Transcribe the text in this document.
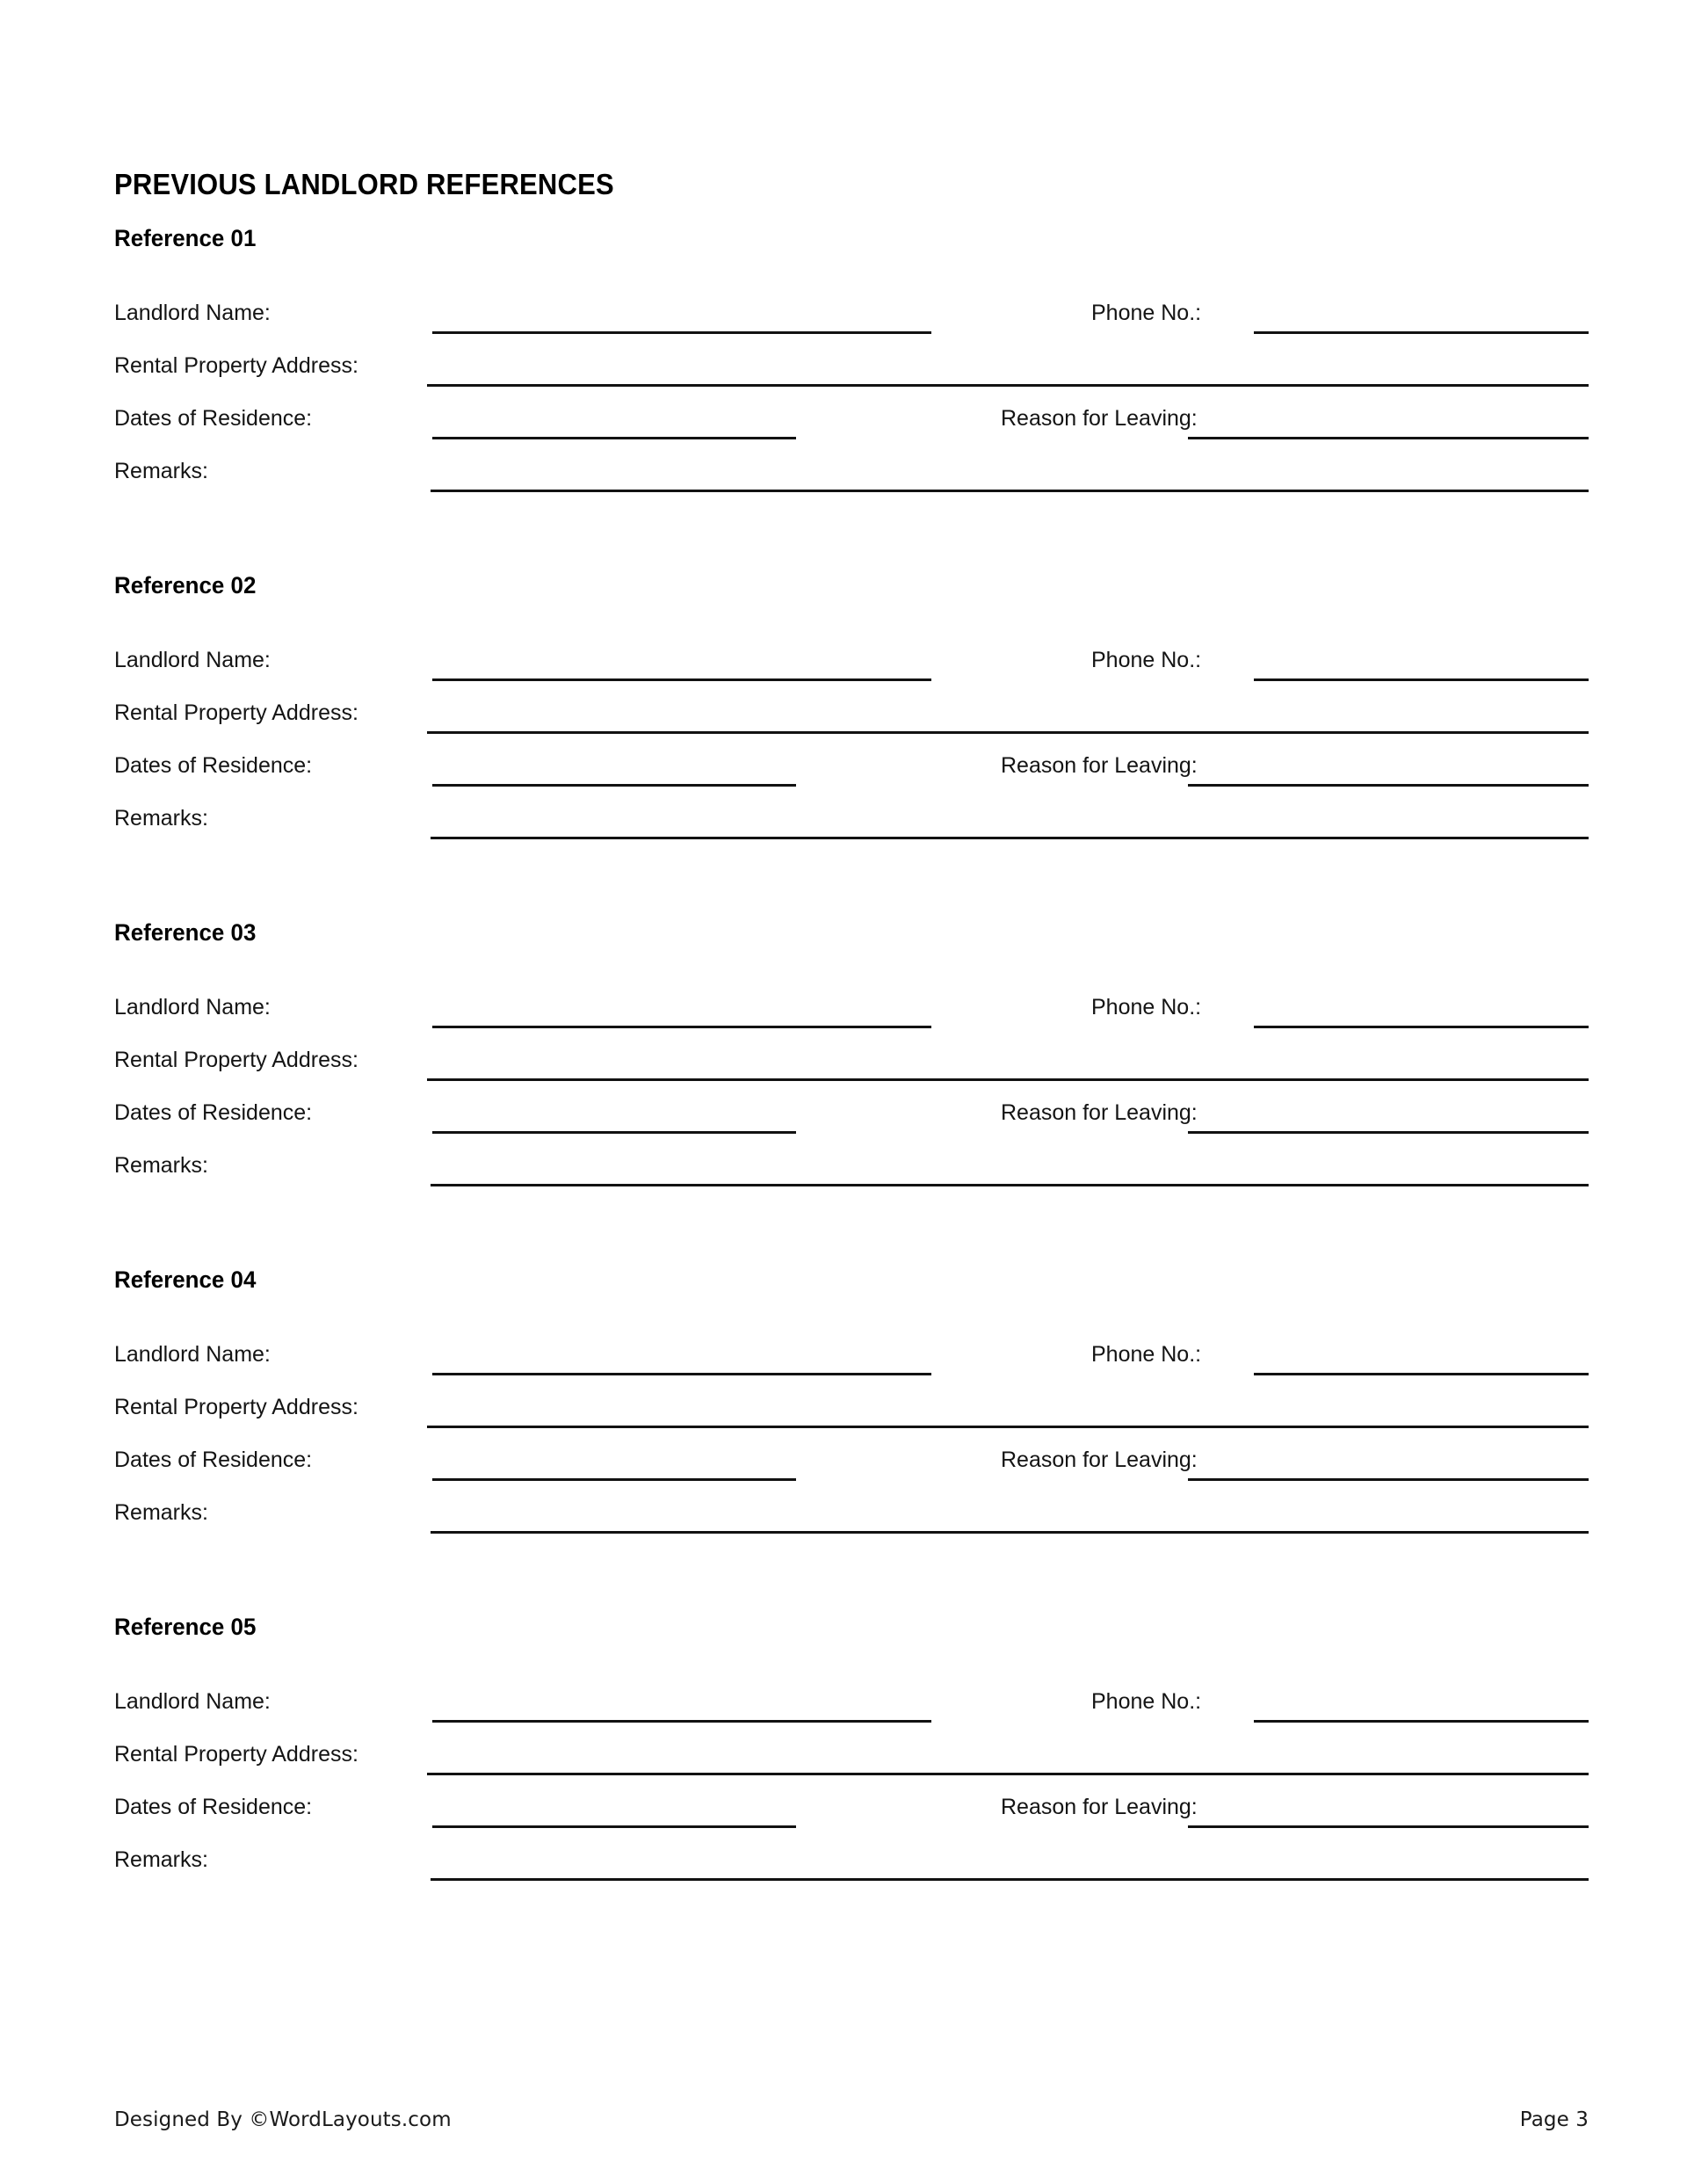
PREVIOUS LANDLORD REFERENCES
Reference 01
Landlord Name:	Phone No.:
Rental Property Address:
Dates of Residence:	Reason for Leaving:
Remarks:
Reference 02
Landlord Name:	Phone No.:
Rental Property Address:
Dates of Residence:	Reason for Leaving:
Remarks:
Reference 03
Landlord Name:	Phone No.:
Rental Property Address:
Dates of Residence:	Reason for Leaving:
Remarks:
Reference 04
Landlord Name:	Phone No.:
Rental Property Address:
Dates of Residence:	Reason for Leaving:
Remarks:
Reference 05
Landlord Name:	Phone No.:
Rental Property Address:
Dates of Residence:	Reason for Leaving:
Remarks:
Designed By ©WordLayouts.com	Page 3
